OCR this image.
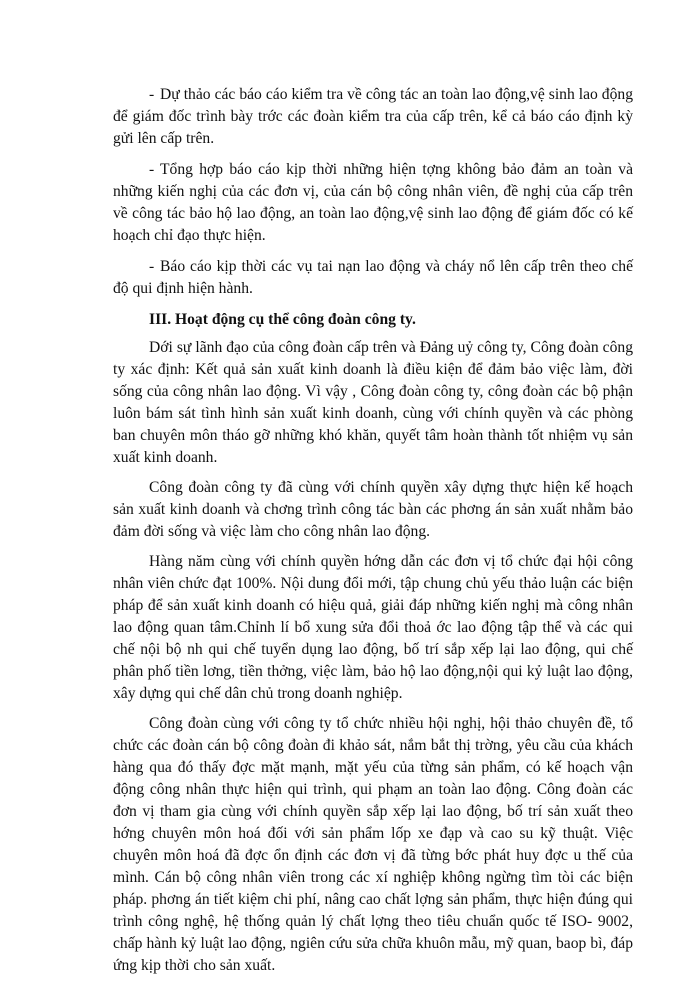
- Dự thảo các báo cáo kiểm tra về công tác an toàn lao động,vệ sinh lao động để giám đốc trình bày trớc các đoàn kiểm tra của cấp trên, kể cả báo cáo định kỳ gửi lên cấp trên.

- Tổng hợp báo cáo kịp thời những hiện tợng không bảo đảm an toàn và những kiến nghị của các đơn vị, của cán bộ công nhân viên, đề nghị của cấp trên về công tác bảo hộ lao động, an toàn lao động,vệ sinh lao động để giám đốc có kế hoạch chỉ đạo thực hiện.

- Báo cáo kịp thời các vụ tai nạn lao động và cháy nổ lên cấp trên theo chế độ qui định hiện hành.

III. Hoạt động cụ thể công đoàn công ty.

Dới sự lãnh đạo của công đoàn cấp trên và Đảng uỷ công ty, Công đoàn công ty xác định: Kết quả sản xuất kinh doanh là điều kiện để đảm bảo việc làm, đời sống của công nhân lao động. Vì vậy , Công đoàn công ty, công đoàn các bộ phận luôn bám sát tình hình sản xuất kinh doanh, cùng với chính quyền và các phòng ban chuyên môn tháo gỡ những khó khăn, quyết tâm hoàn thành tốt nhiệm vụ sản xuất kinh doanh.

Công đoàn công ty đã cùng với chính quyền xây dựng thực hiện kế hoạch sản xuất kinh doanh và chơng trình công tác bàn các phơng án sản xuất nhằm bảo đảm đời sống và việc làm cho công nhân lao động.

Hàng năm cùng với chính quyền hớng dẫn các đơn vị tổ chức đại hội công nhân viên chức đạt 100%. Nội dung đổi mới, tập chung chủ yếu thảo luận các biện pháp để sản xuất kinh doanh có hiệu quả, giải đáp những kiến nghị mà công nhân lao động quan tâm.Chỉnh lí bổ xung sửa đổi thoả ớc lao động tập thể và các qui chế nội bộ nh qui chế tuyển dụng lao động, bố trí sắp xếp lại lao động, qui chế phân phố tiền lơng, tiền thởng, việc làm, bảo hộ lao động,nội qui kỷ luật lao động, xây dựng qui chế dân chủ trong doanh nghiệp.

Công đoàn cùng với công ty tổ chức nhiều hội nghị, hội thảo chuyên đề, tổ chức các đoàn cán bộ công đoàn đi khảo sát, nắm bắt thị trờng, yêu cầu của khách hàng qua đó thấy đợc mặt mạnh, mặt yếu của từng sản phẩm, có kế hoạch vận động công nhân thực hiện qui trình, qui phạm an toàn lao động. Công đoàn các đơn vị tham gia cùng với chính quyền sắp xếp lại lao động, bố trí sản xuất theo hớng chuyên môn hoá đối với sản phẩm lốp xe đạp và cao su kỹ thuật. Việc chuyên môn hoá đã đợc ổn định các đơn vị đã từng bớc phát huy đợc u thế của mình. Cán bộ công nhân viên trong các xí nghiệp không ngừng tìm tòi các biện pháp. phơng án tiết kiệm chi phí, nâng cao chất lợng sản phẩm, thực hiện đúng qui trình công nghệ, hệ thống quản lý chất lợng theo tiêu chuẩn quốc tế ISO- 9002, chấp hành kỷ luật lao động, ngiên cứu sửa chữa khuôn mẫu, mỹ quan, baop bì, đáp ứng kịp thời cho sản xuất.
